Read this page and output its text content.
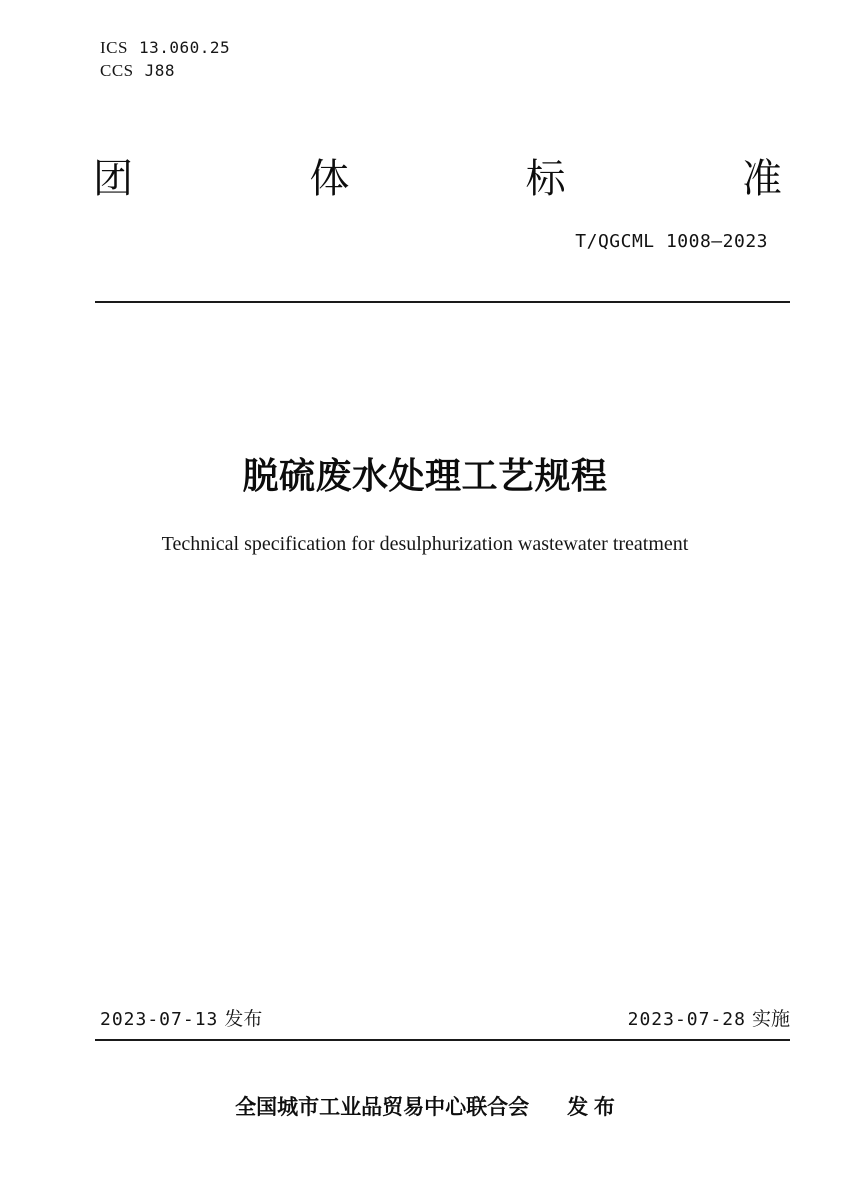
ICS 13.060.25
CCS J88
团	体	标	准
T/QGCML 1008—2023
脱硫废水处理工艺规程
Technical specification for desulphurization wastewater treatment
2023-07-13 发布	2023-07-28 实施
全国城市工业品贸易中心联合会 发 布
